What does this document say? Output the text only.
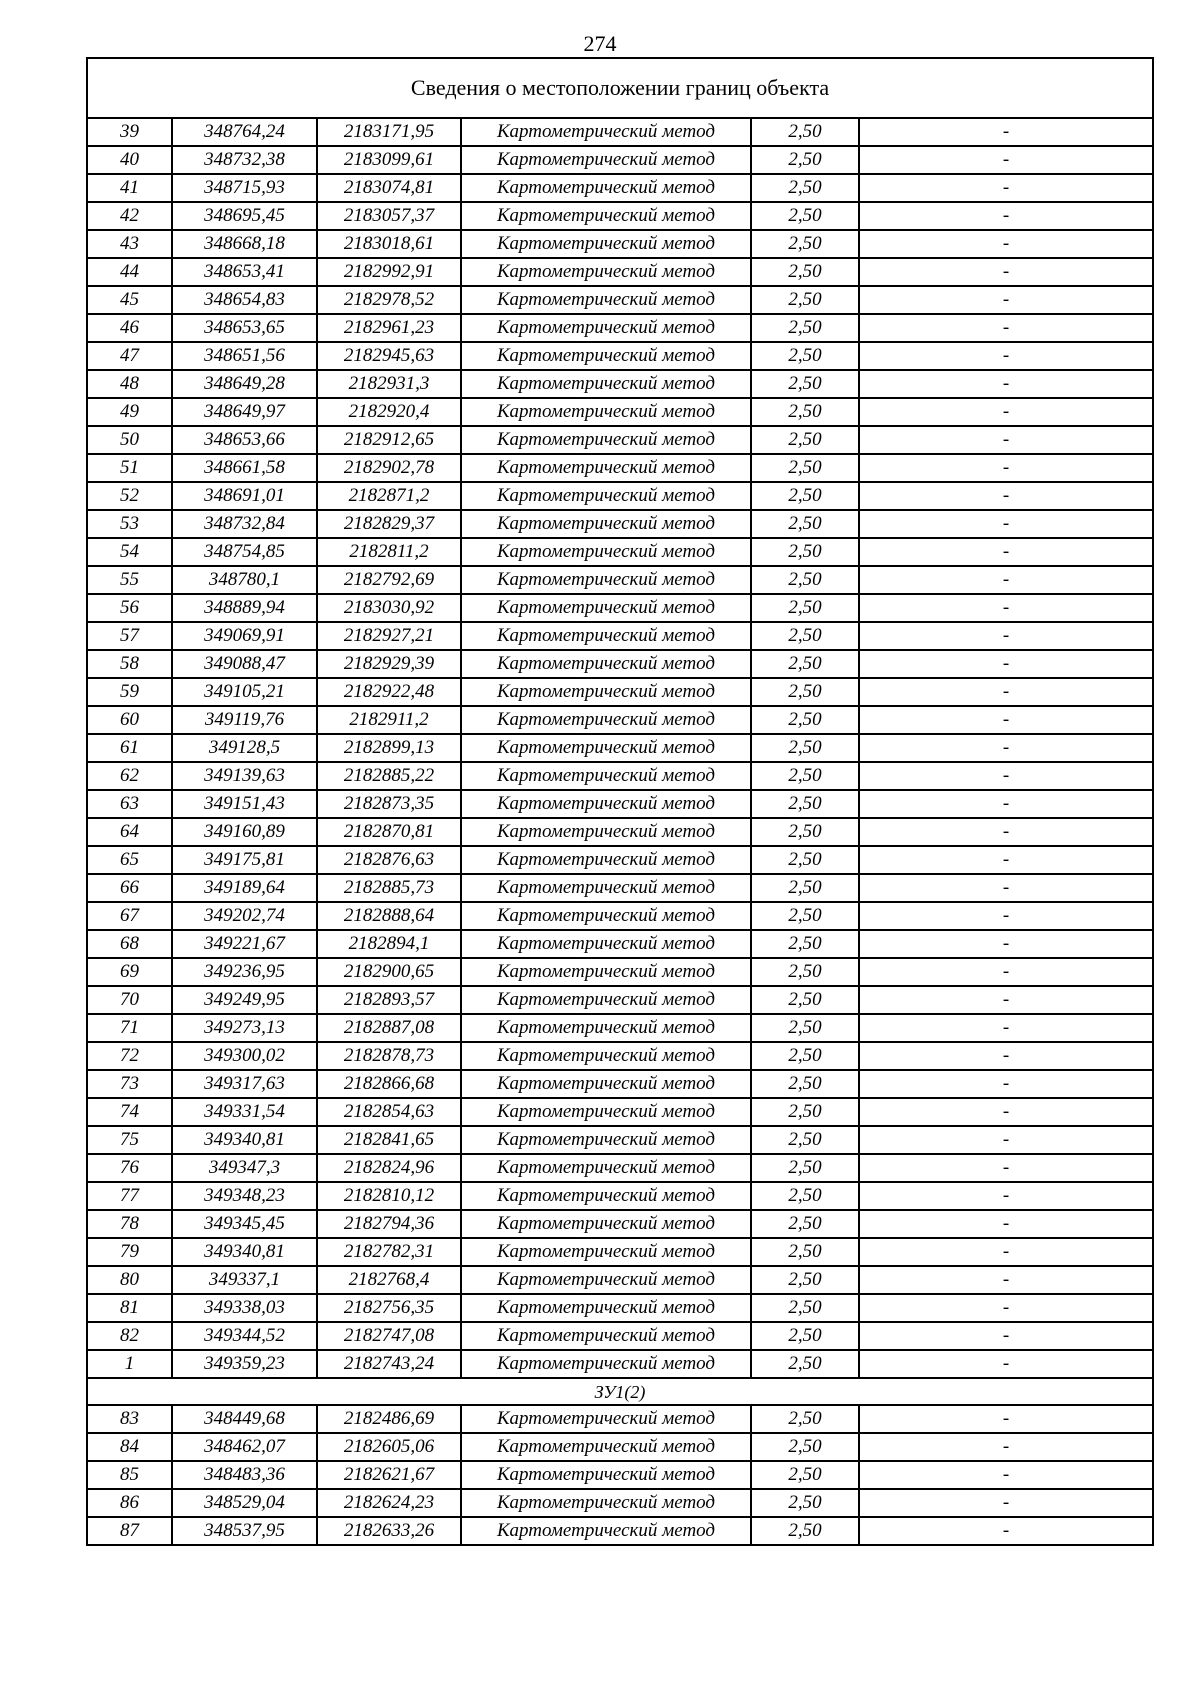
274
Сведения о местоположении границ объекта					
39	348764,24	2183171,95	Картометрический метод	2,50	-
40	348732,38	2183099,61	Картометрический метод	2,50	-
41	348715,93	2183074,81	Картометрический метод	2,50	-
42	348695,45	2183057,37	Картометрический метод	2,50	-
43	348668,18	2183018,61	Картометрический метод	2,50	-
44	348653,41	2182992,91	Картометрический метод	2,50	-
45	348654,83	2182978,52	Картометрический метод	2,50	-
46	348653,65	2182961,23	Картометрический метод	2,50	-
47	348651,56	2182945,63	Картометрический метод	2,50	-
48	348649,28	2182931,3	Картометрический метод	2,50	-
49	348649,97	2182920,4	Картометрический метод	2,50	-
50	348653,66	2182912,65	Картометрический метод	2,50	-
51	348661,58	2182902,78	Картометрический метод	2,50	-
52	348691,01	2182871,2	Картометрический метод	2,50	-
53	348732,84	2182829,37	Картометрический метод	2,50	-
54	348754,85	2182811,2	Картометрический метод	2,50	-
55	348780,1	2182792,69	Картометрический метод	2,50	-
56	348889,94	2183030,92	Картометрический метод	2,50	-
57	349069,91	2182927,21	Картометрический метод	2,50	-
58	349088,47	2182929,39	Картометрический метод	2,50	-
59	349105,21	2182922,48	Картометрический метод	2,50	-
60	349119,76	2182911,2	Картометрический метод	2,50	-
61	349128,5	2182899,13	Картометрический метод	2,50	-
62	349139,63	2182885,22	Картометрический метод	2,50	-
63	349151,43	2182873,35	Картометрический метод	2,50	-
64	349160,89	2182870,81	Картометрический метод	2,50	-
65	349175,81	2182876,63	Картометрический метод	2,50	-
66	349189,64	2182885,73	Картометрический метод	2,50	-
67	349202,74	2182888,64	Картометрический метод	2,50	-
68	349221,67	2182894,1	Картометрический метод	2,50	-
69	349236,95	2182900,65	Картометрический метод	2,50	-
70	349249,95	2182893,57	Картометрический метод	2,50	-
71	349273,13	2182887,08	Картометрический метод	2,50	-
72	349300,02	2182878,73	Картометрический метод	2,50	-
73	349317,63	2182866,68	Картометрический метод	2,50	-
74	349331,54	2182854,63	Картометрический метод	2,50	-
75	349340,81	2182841,65	Картометрический метод	2,50	-
76	349347,3	2182824,96	Картометрический метод	2,50	-
77	349348,23	2182810,12	Картометрический метод	2,50	-
78	349345,45	2182794,36	Картометрический метод	2,50	-
79	349340,81	2182782,31	Картометрический метод	2,50	-
80	349337,1	2182768,4	Картометрический метод	2,50	-
81	349338,03	2182756,35	Картометрический метод	2,50	-
82	349344,52	2182747,08	Картометрический метод	2,50	-
1	349359,23	2182743,24	Картометрический метод	2,50	-
ЗУ1(2)					
83	348449,68	2182486,69	Картометрический метод	2,50	-
84	348462,07	2182605,06	Картометрический метод	2,50	-
85	348483,36	2182621,67	Картометрический метод	2,50	-
86	348529,04	2182624,23	Картометрический метод	2,50	-
87	348537,95	2182633,26	Картометрический метод	2,50	-
